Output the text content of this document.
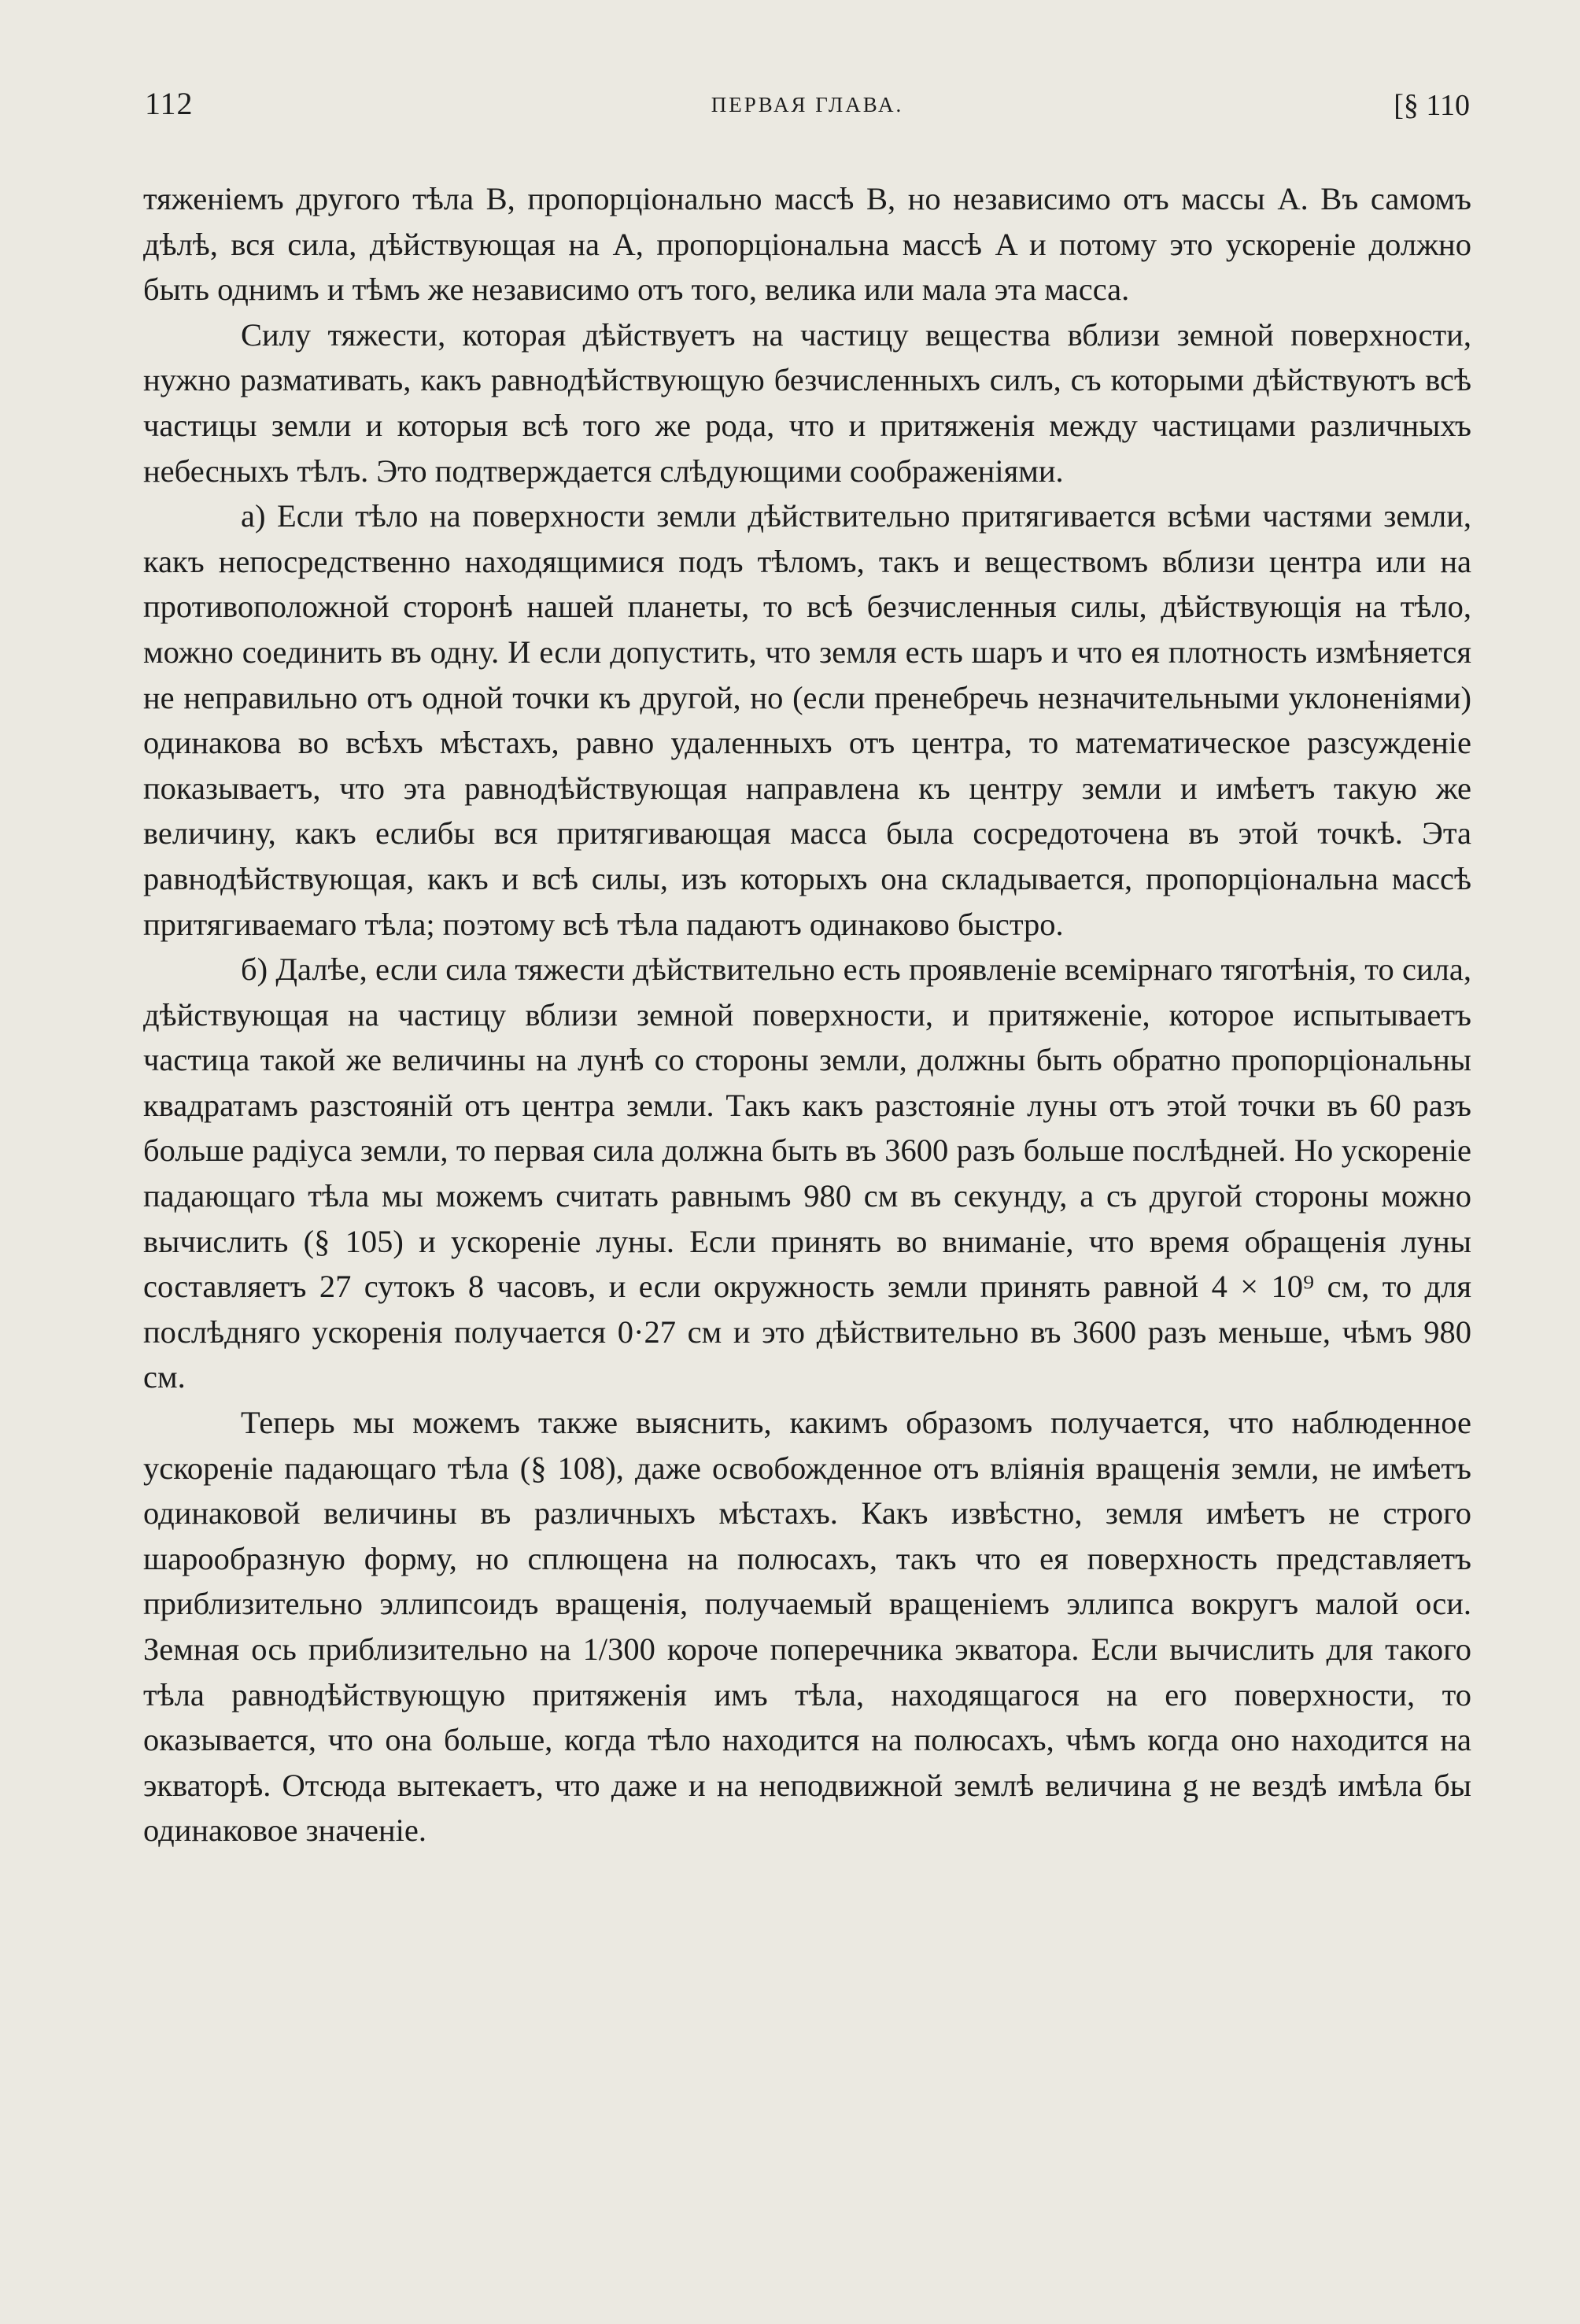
112	ПЕРВАЯ ГЛАВА.	[§ 110

тяженіемъ другого тѣла B, пропорціонально массѣ B, но независимо отъ массы A. Въ самомъ дѣлѣ, вся сила, дѣйствующая на A, пропорціональна массѣ A и потому это ускореніе должно быть однимъ и тѣмъ же независимо отъ того, велика или мала эта масса.

Силу тяжести, которая дѣйствуетъ на частицу вещества вблизи земной поверхности, нужно размативать, какъ равнодѣйствующую безчисленныхъ силъ, съ которыми дѣйствуютъ всѣ частицы земли и которыя всѣ того же рода, что и притяженія между частицами различныхъ небесныхъ тѣлъ. Это подтверждается слѣдующими соображеніями.

а) Если тѣло на поверхности земли дѣйствительно притягивается всѣми частями земли, какъ непосредственно находящимися подъ тѣломъ, такъ и веществомъ вблизи центра или на противоположной сторонѣ нашей планеты, то всѣ безчисленныя силы, дѣйствующія на тѣло, можно соединить въ одну. И если допустить, что земля есть шаръ и что ея плотность измѣняется не неправильно отъ одной точки къ другой, но (если пренебречь незначительными уклоненіями) одинакова во всѣхъ мѣстахъ, равно удаленныхъ отъ центра, то математическое разсужденіе показываетъ, что эта равнодѣйствующая направлена къ центру земли и имѣетъ такую же величину, какъ еслибы вся притягивающая масса была сосредоточена въ этой точкѣ. Эта равнодѣйствующая, какъ и всѣ силы, изъ которыхъ она складывается, пропорціональна массѣ притягиваемаго тѣла; поэтому всѣ тѣла падаютъ одинаково быстро.

б) Далѣе, если сила тяжести дѣйствительно есть проявленіе всемірнаго тяготѣнія, то сила, дѣйствующая на частицу вблизи земной поверхности, и притяженіе, которое испытываетъ частица такой же величины на лунѣ со стороны земли, должны быть обратно пропорціональны квадратамъ разстояній отъ центра земли. Такъ какъ разстояніе луны отъ этой точки въ 60 разъ больше радіуса земли, то первая сила должна быть въ 3600 разъ больше послѣдней. Но ускореніе падающаго тѣла мы можемъ считать равнымъ 980 см въ секунду, а съ другой стороны можно вычислить (§ 105) и ускореніе луны. Если принять во вниманіе, что время обращенія луны составляетъ 27 сутокъ 8 часовъ, и если окружность земли принять равной 4 × 10⁹ см, то для послѣдняго ускоренія получается 0·27 см и это дѣйствительно въ 3600 разъ меньше, чѣмъ 980 см.

Теперь мы можемъ также выяснить, какимъ образомъ получается, что наблюденное ускореніе падающаго тѣла (§ 108), даже освобожденное отъ вліянія вращенія земли, не имѣетъ одинаковой величины въ различныхъ мѣстахъ. Какъ извѣстно, земля имѣетъ не строго шарообразную форму, но сплющена на полюсахъ, такъ что ея поверхность представляетъ приблизительно эллипсоидъ вращенія, получаемый вращеніемъ эллипса вокругъ малой оси. Земная ось приблизительно на 1/300 короче поперечника экватора. Если вычислить для такого тѣла равнодѣйствующую притяженія имъ тѣла, находящагося на его поверхности, то оказывается, что она больше, когда тѣло находится на полюсахъ, чѣмъ когда оно находится на экваторѣ. Отсюда вытекаетъ, что даже и на неподвижной землѣ величина g не вездѣ имѣла бы одинаковое значеніе.
